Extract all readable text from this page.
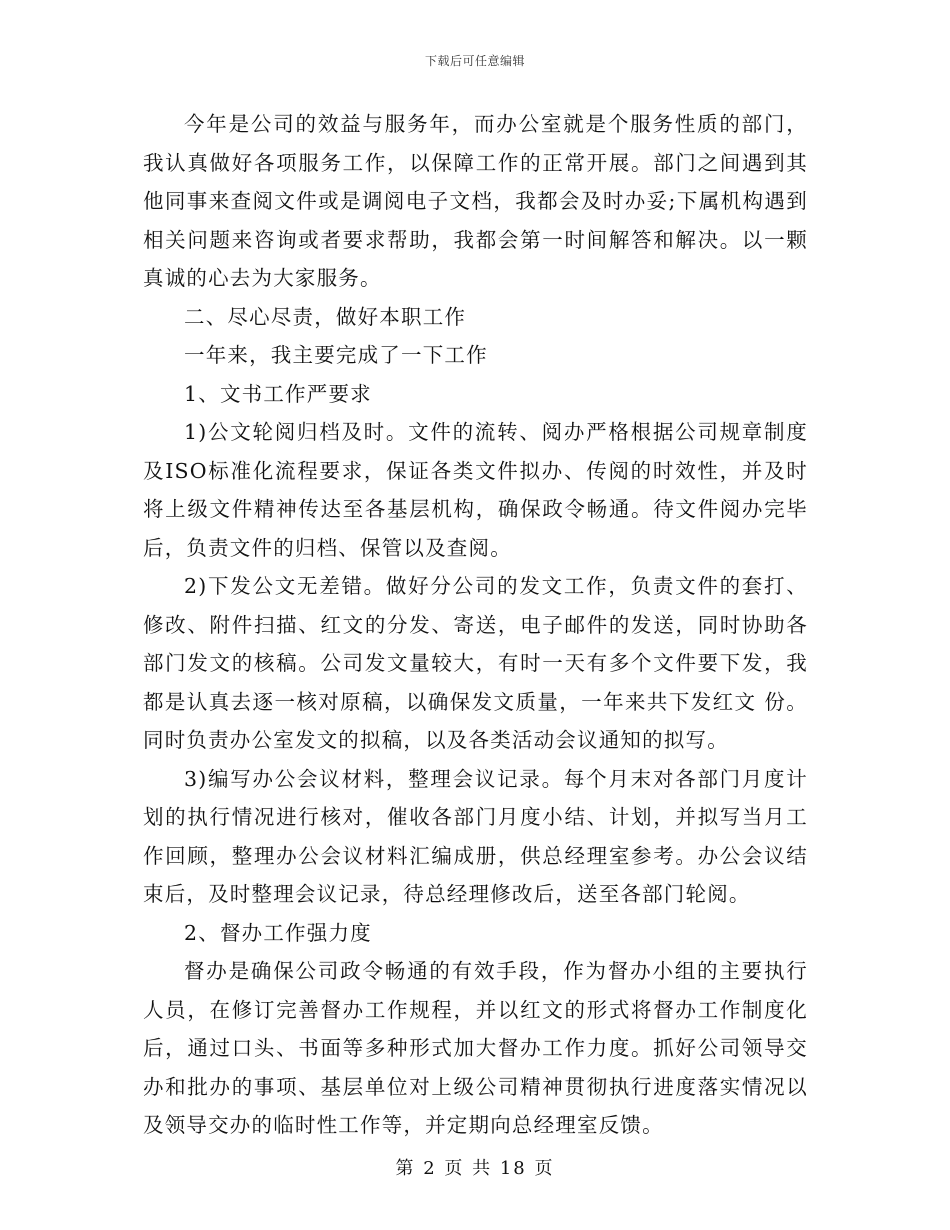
下载后可任意编辑

今年是公司的效益与服务年，而办公室就是个服务性质的部门，我认真做好各项服务工作，以保障工作的正常开展。部门之间遇到其他同事来查阅文件或是调阅电子文档，我都会及时办妥;下属机构遇到相关问题来咨询或者要求帮助，我都会第一时间解答和解决。以一颗真诚的心去为大家服务。

二、尽心尽责，做好本职工作

一年来，我主要完成了一下工作

1、文书工作严要求

1)公文轮阅归档及时。文件的流转、阅办严格根据公司规章制度及ISO标准化流程要求，保证各类文件拟办、传阅的时效性，并及时将上级文件精神传达至各基层机构，确保政令畅通。待文件阅办完毕后，负责文件的归档、保管以及查阅。

2)下发公文无差错。做好分公司的发文工作，负责文件的套打、修改、附件扫描、红文的分发、寄送，电子邮件的发送，同时协助各部门发文的核稿。公司发文量较大，有时一天有多个文件要下发，我都是认真去逐一核对原稿，以确保发文质量，一年来共下发红文 份。同时负责办公室发文的拟稿，以及各类活动会议通知的拟写。

3)编写办公会议材料，整理会议记录。每个月末对各部门月度计划的执行情况进行核对，催收各部门月度小结、计划，并拟写当月工作回顾，整理办公会议材料汇编成册，供总经理室参考。办公会议结束后，及时整理会议记录，待总经理修改后，送至各部门轮阅。

2、督办工作强力度

督办是确保公司政令畅通的有效手段，作为督办小组的主要执行人员，在修订完善督办工作规程，并以红文的形式将督办工作制度化后，通过口头、书面等多种形式加大督办工作力度。抓好公司领导交办和批办的事项、基层单位对上级公司精神贯彻执行进度落实情况以及领导交办的临时性工作等，并定期向总经理室反馈。

第 2 页 共 18 页
